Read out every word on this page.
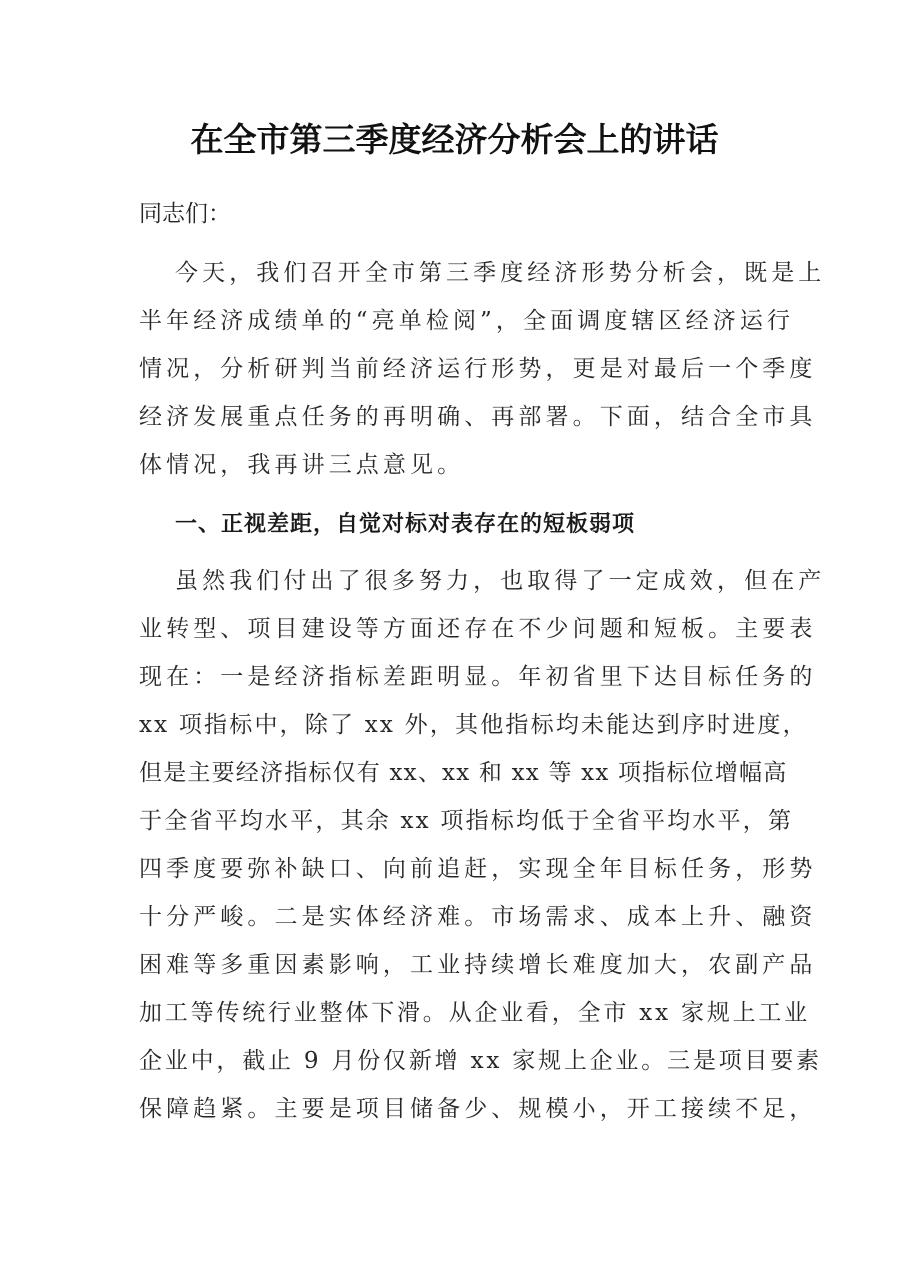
在全市第三季度经济分析会上的讲话
同志们：
今天，我们召开全市第三季度经济形势分析会，既是上
半年经济成绩单的“亮单检阅”，全面调度辖区经济运行
情况，分析研判当前经济运行形势，更是对最后一个季度
经济发展重点任务的再明确、再部署。下面，结合全市具
体情况，我再讲三点意见。
一、正视差距，自觉对标对表存在的短板弱项
虽然我们付出了很多努力，也取得了一定成效，但在产
业转型、项目建设等方面还存在不少问题和短板。主要表
现在：一是经济指标差距明显。年初省里下达目标任务的
xx 项指标中，除了 xx 外，其他指标均未能达到序时进度，
但是主要经济指标仅有 xx、xx 和 xx 等 xx 项指标位增幅高
于全省平均水平，其余 xx 项指标均低于全省平均水平，第
四季度要弥补缺口、向前追赶，实现全年目标任务，形势
十分严峻。二是实体经济难。市场需求、成本上升、融资
困难等多重因素影响，工业持续增长难度加大，农副产品
加工等传统行业整体下滑。从企业看，全市 xx 家规上工业
企业中，截止 9 月份仅新增 xx 家规上企业。三是项目要素
保障趋紧。主要是项目储备少、规模小，开工接续不足，
